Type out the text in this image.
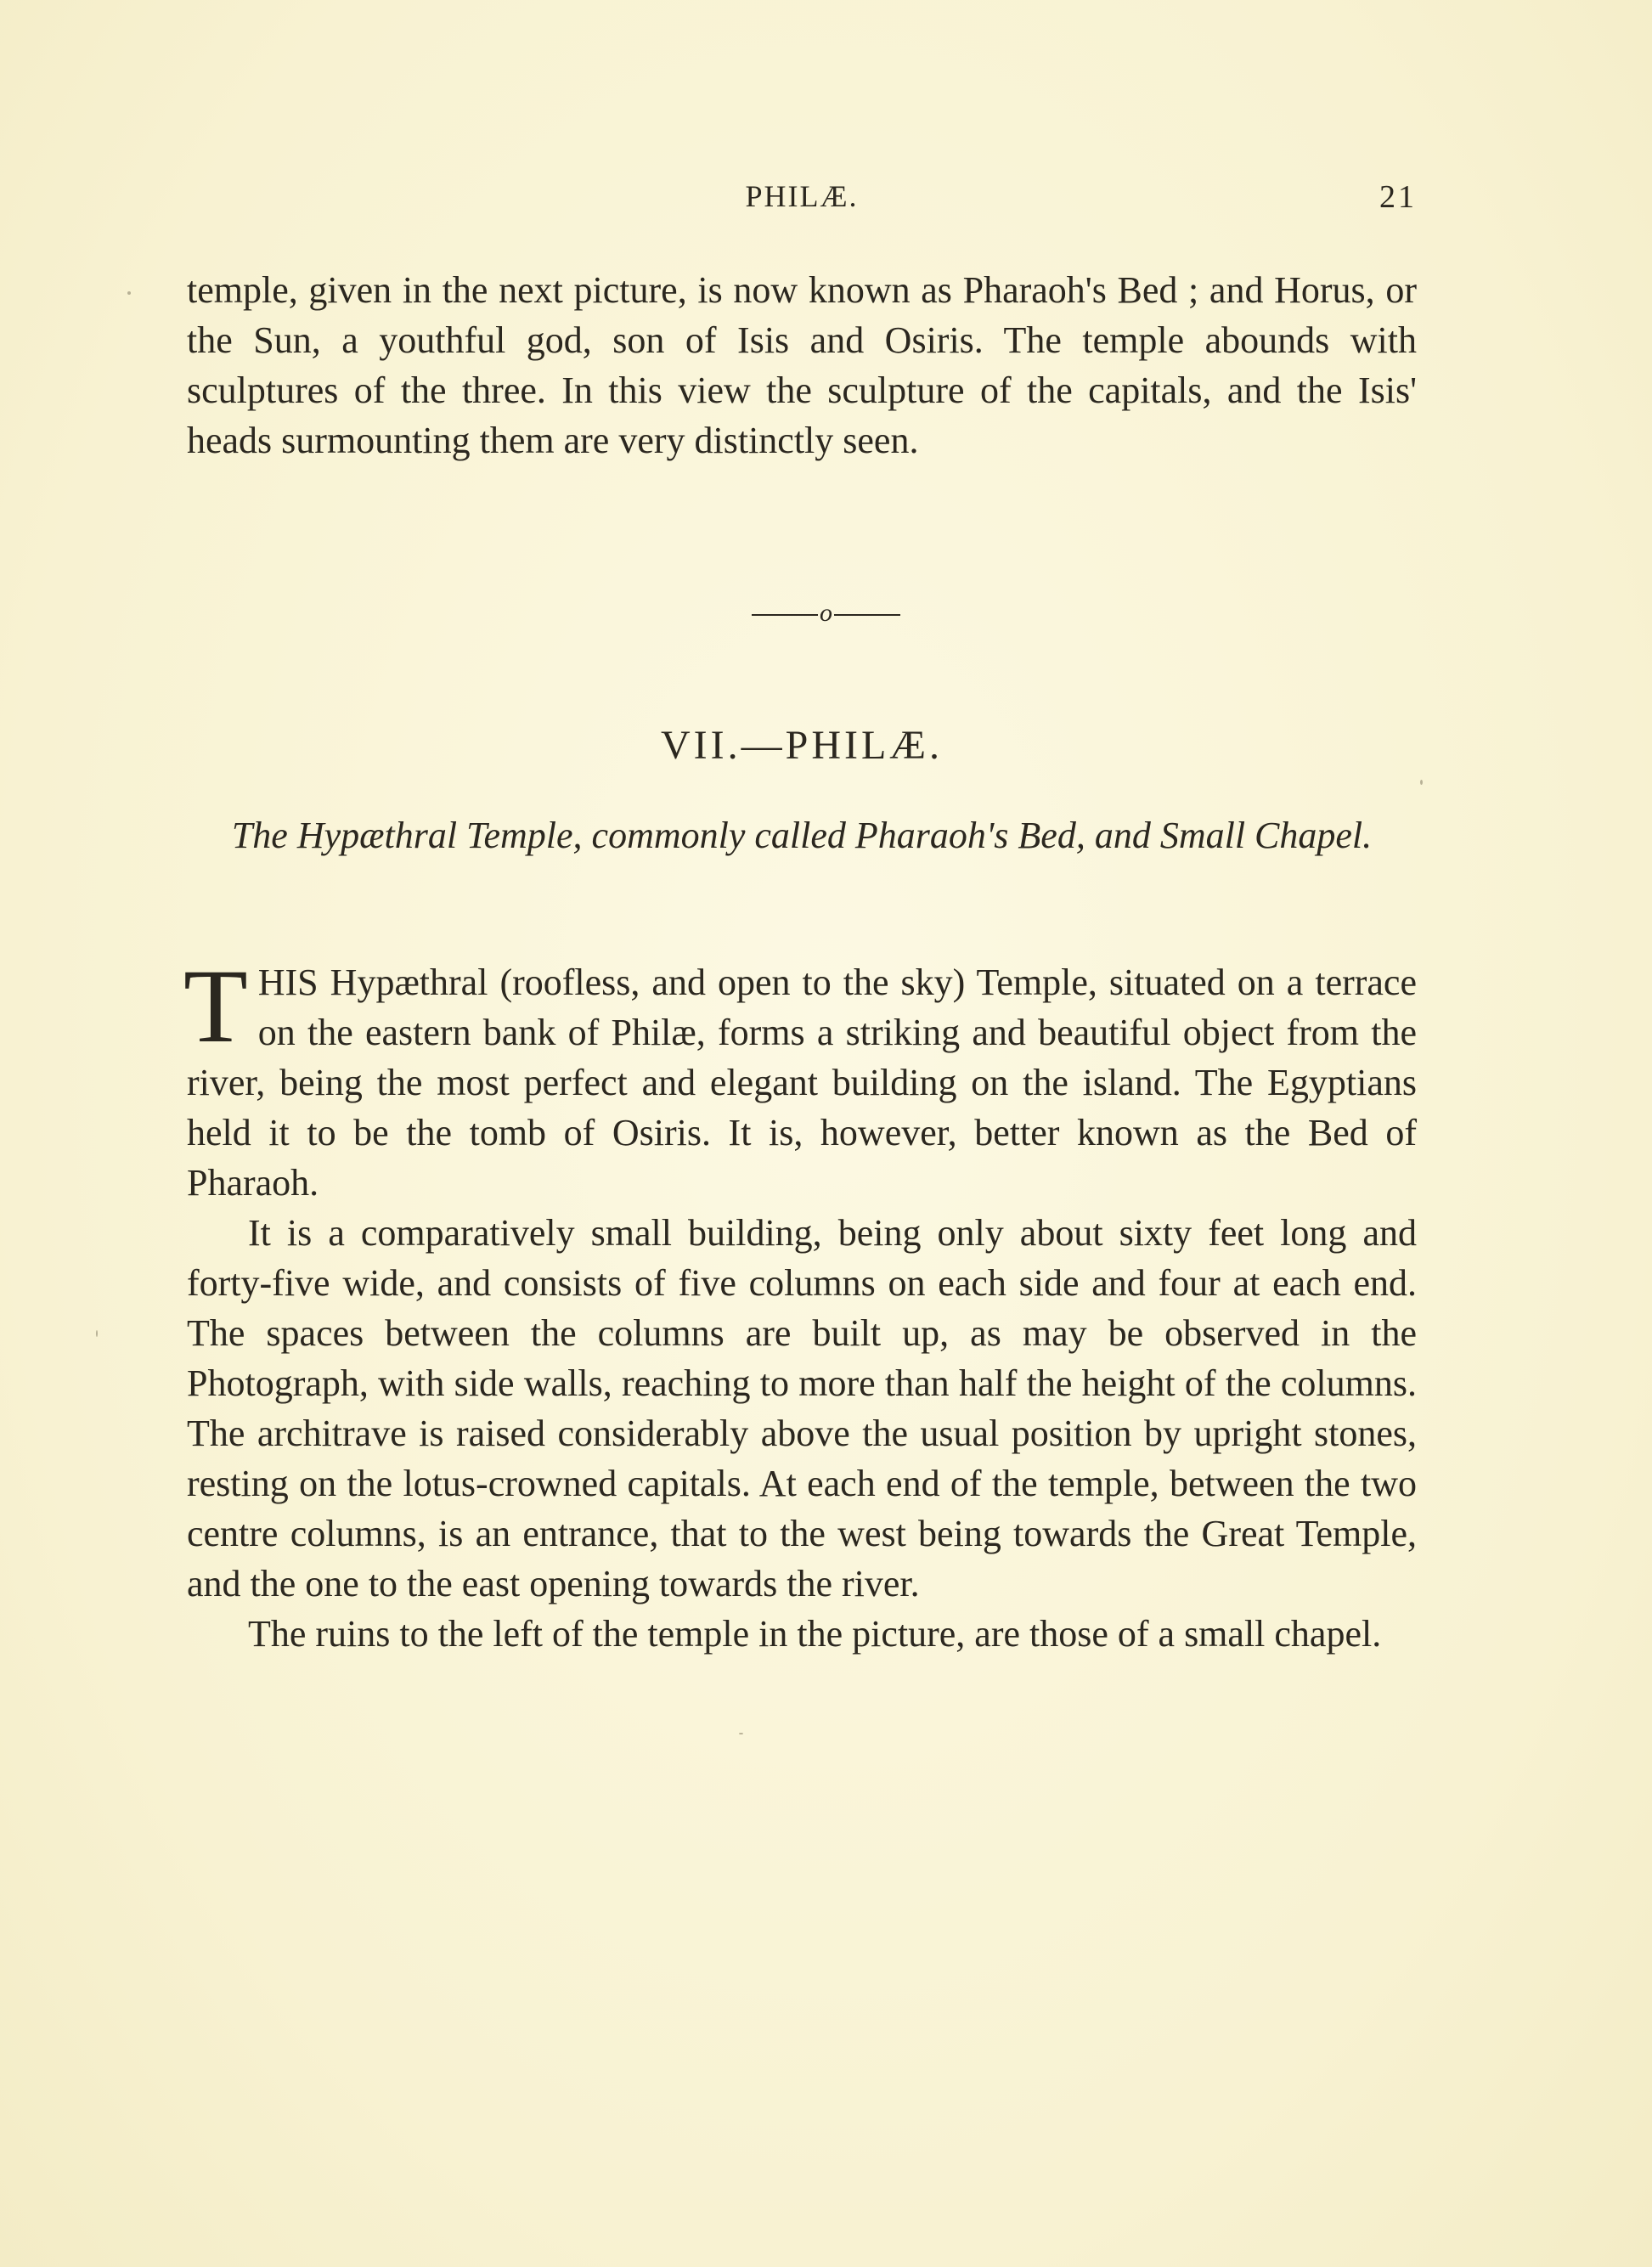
PHILÆ.	21

temple, given in the next picture, is now known as Pharaoh's Bed ; and Horus, or the Sun, a youthful god, son of Isis and Osiris. The temple abounds with sculptures of the three. In this view the sculpture of the capitals, and the Isis' heads surmounting them are very distinctly seen.

o
VII.—PHILÆ.
The Hypæthral Temple, commonly called Pharaoh's Bed, and Small Chapel.

THIS Hypæthral (roofless, and open to the sky) Temple, situated on a terrace on the eastern bank of Philæ, forms a striking and beautiful object from the river, being the most perfect and elegant building on the island. The Egyptians held it to be the tomb of Osiris. It is, however, better known as the Bed of Pharaoh.

It is a comparatively small building, being only about sixty feet long and forty-five wide, and consists of five columns on each side and four at each end. The spaces between the columns are built up, as may be observed in the Photograph, with side walls, reaching to more than half the height of the columns. The architrave is raised considerably above the usual position by upright stones, resting on the lotus-crowned capitals. At each end of the temple, between the two centre columns, is an entrance, that to the west being towards the Great Temple, and the one to the east opening towards the river.

The ruins to the left of the temple in the picture, are those of a small chapel.
